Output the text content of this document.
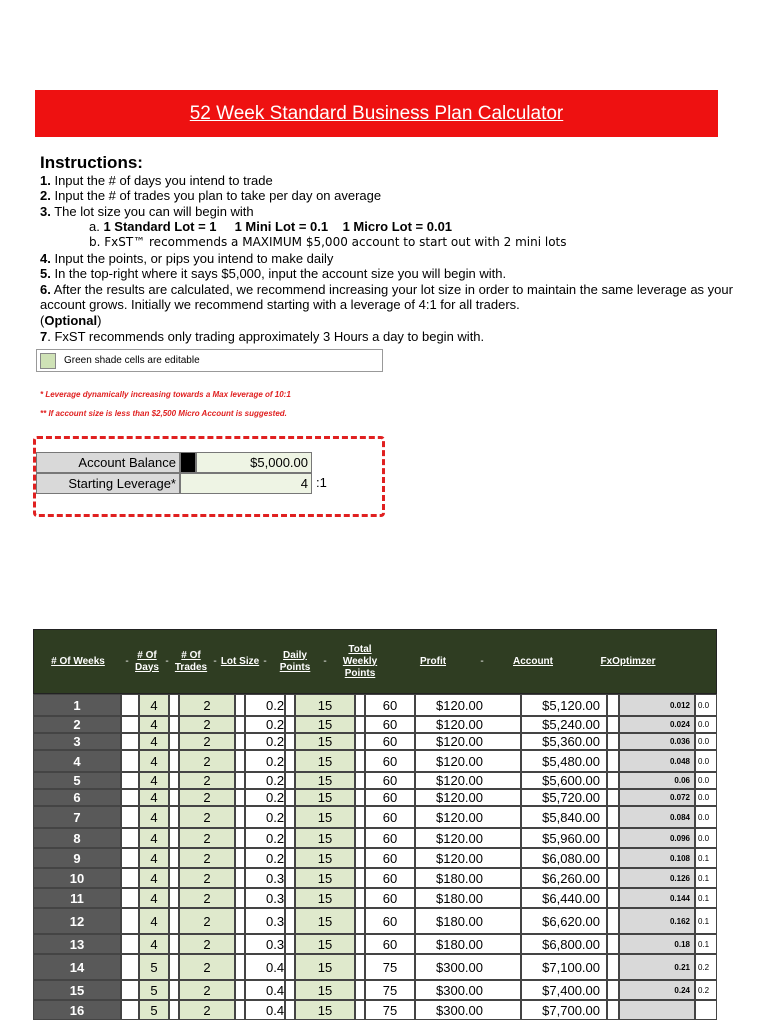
52 Week Standard Business Plan Calculator
Instructions:

1. Input the # of days you intend to trade

2. Input the # of trades you plan to take per day on average

3. The lot size you can will begin with

a. 1 Standard Lot = 1     1 Mini Lot = 0.1    1 Micro Lot = 0.01

b. FxST™ recommends a MAXIMUM $5,000 account to start out with 2 mini lots

4. Input the points, or pips you intend to make daily

5. In the top-right where it says $5,000, input the account size you will begin with.

6. After the results are calculated, we recommend increasing your lot size in order to maintain the same leverage as your account grows. Initially we recommend starting with a leverage of 4:1 for all traders.

(Optional)

7. FxST recommends only trading approximately 3 Hours a day to begin with.

Green shade cells are editable
* Leverage dynamically increasing towards a Max leverage of 10:1
** If account size is less than $2,500 Micro Account is suggested.
Account Balance	$5,000.00
Starting Leverage*	4 :1
# Of Weeks	-
# Of Days
-
# Of Trades
- Lot Size -
Daily Points
-
Total Weekly Points
Profit	-	Account	FxOptimzer
1	4	2	0.2	15	60	$120.00	$5,120.00	0.012	0.0
2	4	2	0.2	15	60	$120.00	$5,240.00	0.024	0.0
3	4	2	0.2	15	60	$120.00	$5,360.00	0.036	0.0
4	4	2	0.2	15	60	$120.00	$5,480.00	0.048	0.0
5	4	2	0.2	15	60	$120.00	$5,600.00	0.06	0.0
6	4	2	0.2	15	60	$120.00	$5,720.00	0.072	0.0
7	4	2	0.2	15	60	$120.00	$5,840.00	0.084	0.0
8	4	2	0.2	15	60	$120.00	$5,960.00	0.096	0.0
9	4	2	0.2	15	60	$120.00	$6,080.00	0.108	0.1
10	4	2	0.3	15	60	$180.00	$6,260.00	0.126	0.1
11	4	2	0.3	15	60	$180.00	$6,440.00	0.144	0.1
12	4	2	0.3	15	60	$180.00	$6,620.00	0.162	0.1
13	4	2	0.3	15	60	$180.00	$6,800.00	0.18	0.1
14	5	2	0.4	15	75	$300.00	$7,100.00	0.21	0.2
15	5	2	0.4	15	75	$300.00	$7,400.00	0.24	0.2
16	5	2	0.4	15	75	$300.00	$7,700.00
